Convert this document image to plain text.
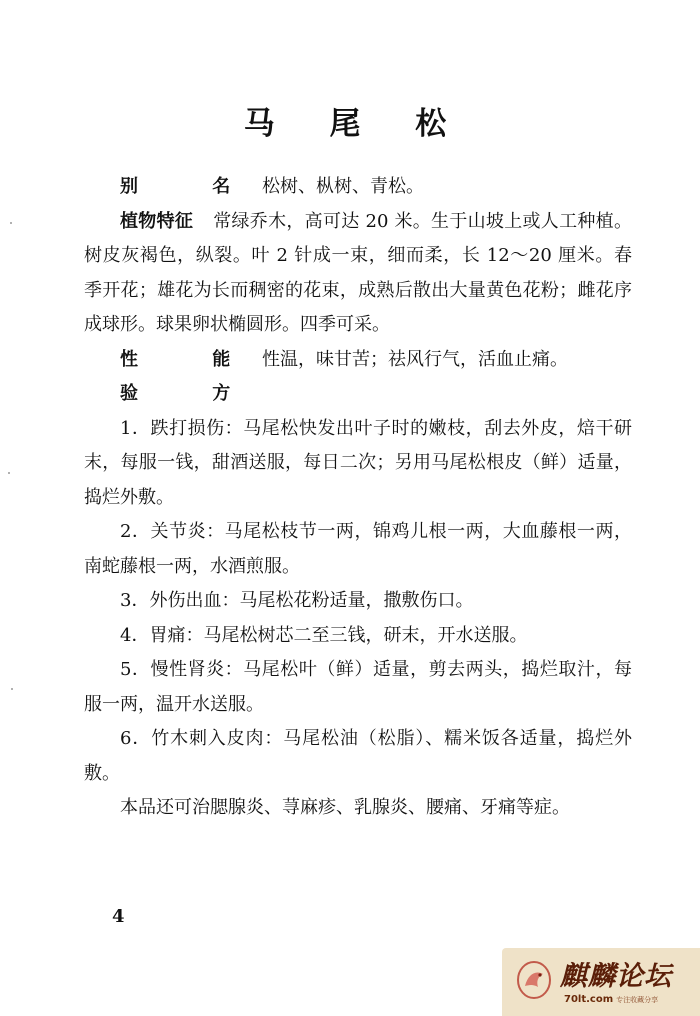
马 尾 松

别 名 松树、枞树、青松。

植物特征 常绿乔木，高可达 20 米。生于山坡上或人工种植。树皮灰褐色，纵裂。叶 2 针成一束，细而柔，长 12～20 厘米。春季开花；雄花为长而稠密的花束，成熟后散出大量黄色花粉；雌花序成球形。球果卵状椭圆形。四季可采。

性 能 性温，味甘苦；祛风行气，活血止痛。

验 方

1．跌打损伤：马尾松快发出叶子时的嫩枝，刮去外皮，焙干研末，每服一钱，甜酒送服，每日二次；另用马尾松根皮（鲜）适量，捣烂外敷。

2．关节炎：马尾松枝节一两，锦鸡儿根一两，大血藤根一两，南蛇藤根一两，水酒煎服。

3．外伤出血：马尾松花粉适量，撒敷伤口。

4．胃痛：马尾松树芯二至三钱，研末，开水送服。

5．慢性肾炎：马尾松叶（鲜）适量，剪去两头，捣烂取汁，每服一两，温开水送服。

6．竹木刺入皮肉：马尾松油（松脂）、糯米饭各适量，捣烂外敷。

本品还可治腮腺炎、荨麻疹、乳腺炎、腰痛、牙痛等症。

4
麒麟论坛
70lt.com 专注收藏分享
